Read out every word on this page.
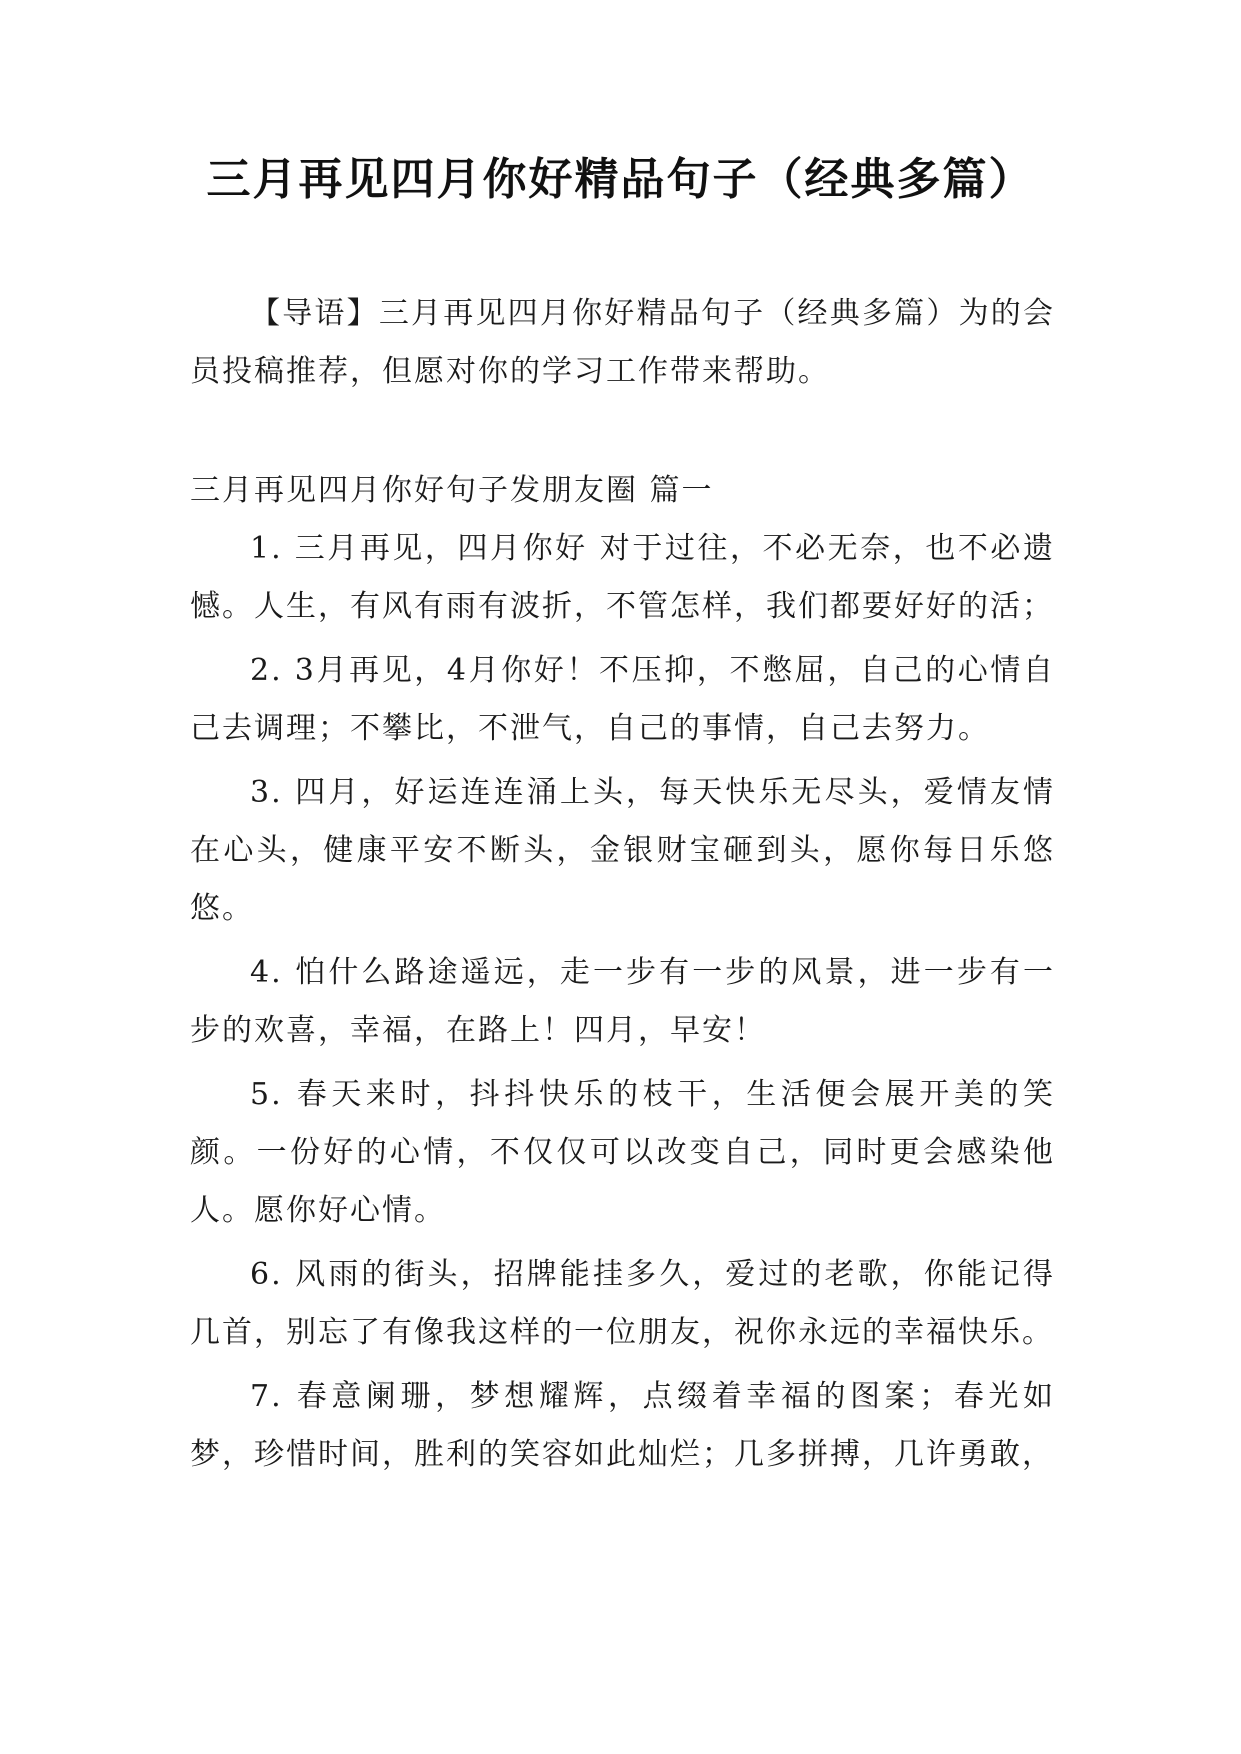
三月再见四月你好精品句子（经典多篇）

【导语】三月再见四月你好精品句子（经典多篇）为的会员投稿推荐，但愿对你的学习工作带来帮助。

三月再见四月你好句子发朋友圈 篇一
1. 三月再见，四月你好 对于过往，不必无奈，也不必遗憾。人生，有风有雨有波折，不管怎样，我们都要好好的活；
2. 3月再见，4月你好！不压抑，不憋屈，自己的心情自己去调理；不攀比，不泄气，自己的事情，自己去努力。
3. 四月，好运连连涌上头，每天快乐无尽头，爱情友情在心头，健康平安不断头，金银财宝砸到头，愿你每日乐悠悠。
4. 怕什么路途遥远，走一步有一步的风景，进一步有一步的欢喜，幸福，在路上！四月，早安！
5. 春天来时，抖抖快乐的枝干，生活便会展开美的笑颜。一份好的心情，不仅仅可以改变自己，同时更会感染他人。愿你好心情。
6. 风雨的街头，招牌能挂多久，爱过的老歌，你能记得几首，别忘了有像我这样的一位朋友，祝你永远的幸福快乐。
7. 春意阑珊，梦想耀辉，点缀着幸福的图案；春光如梦，珍惜时间，胜利的笑容如此灿烂；几多拼搏，几许勇敢，
